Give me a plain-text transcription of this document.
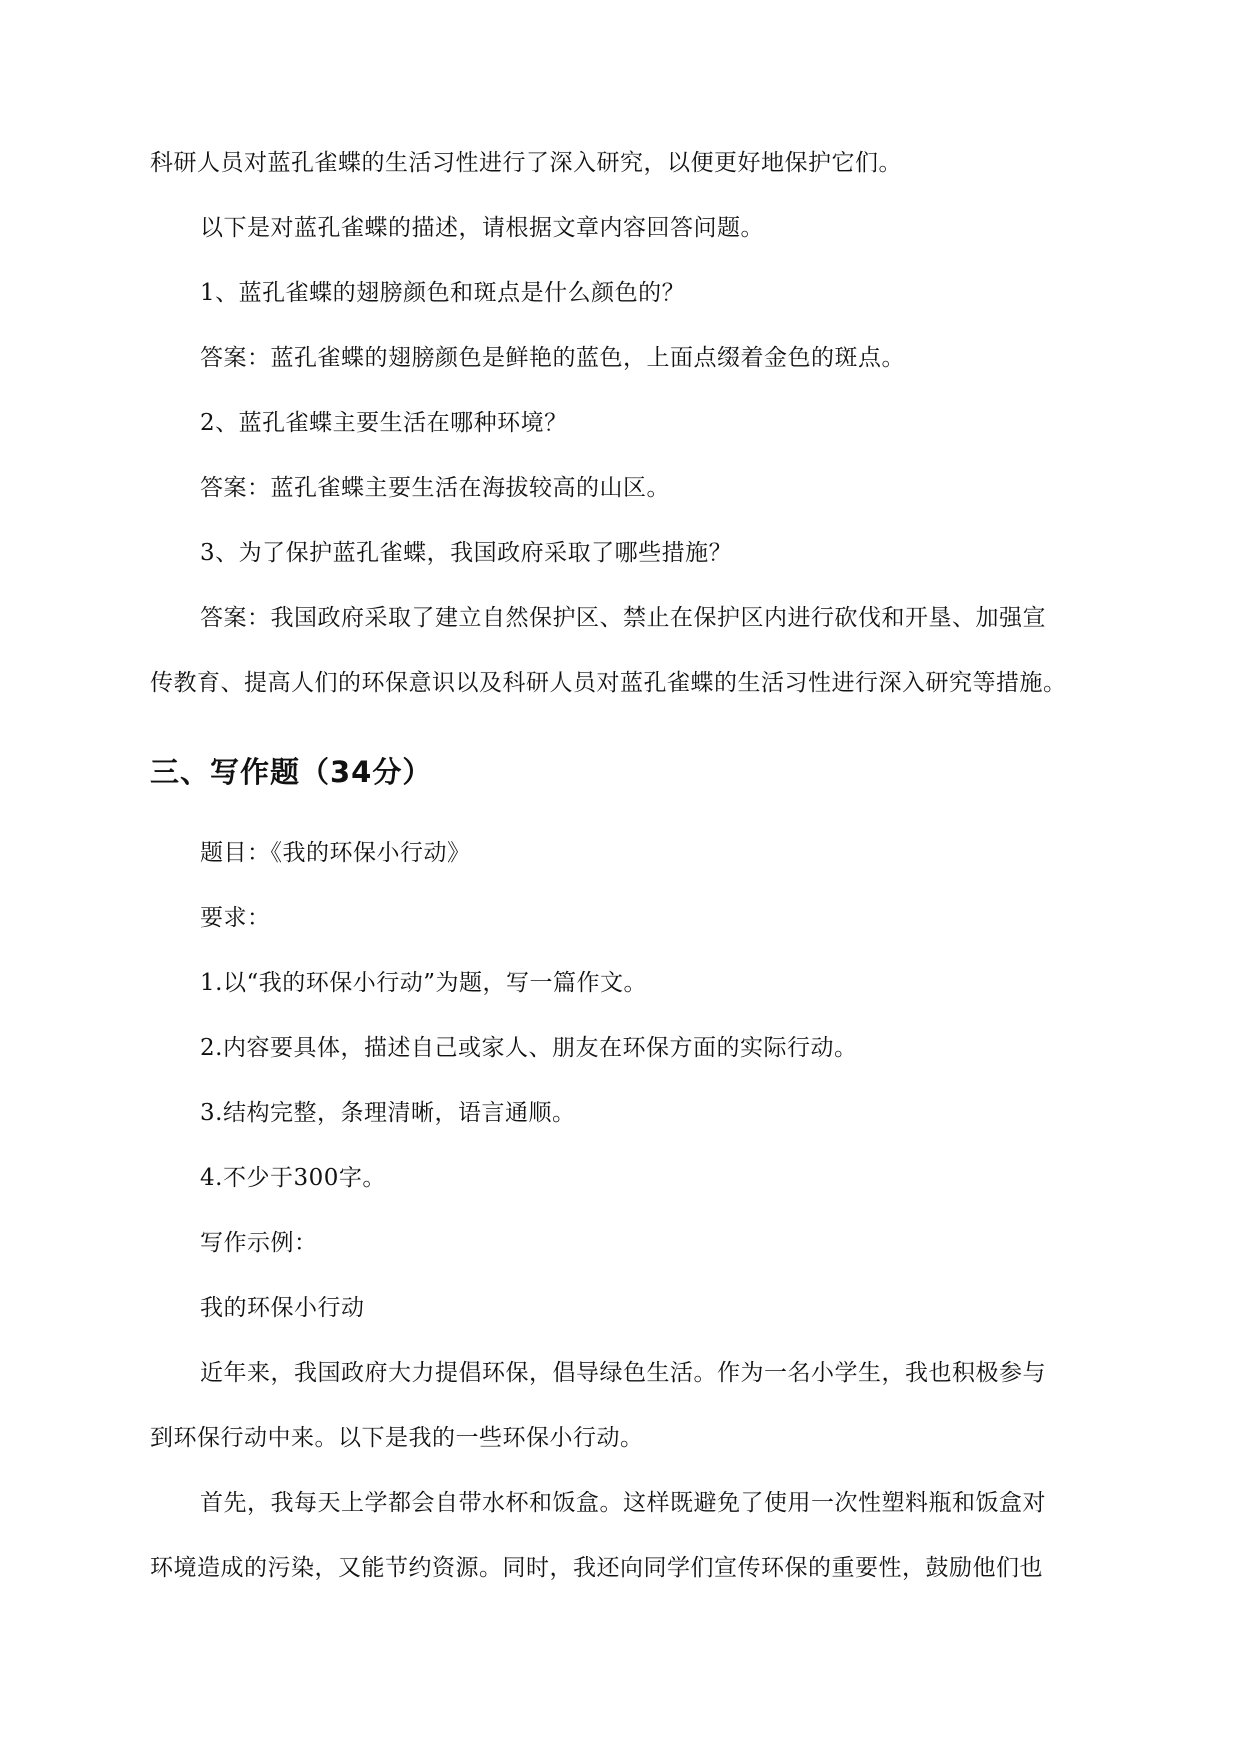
科研人员对蓝孔雀蝶的生活习性进行了深入研究，以便更好地保护它们。
以下是对蓝孔雀蝶的描述，请根据文章内容回答问题。
1、蓝孔雀蝶的翅膀颜色和斑点是什么颜色的？
答案：蓝孔雀蝶的翅膀颜色是鲜艳的蓝色，上面点缀着金色的斑点。
2、蓝孔雀蝶主要生活在哪种环境？
答案：蓝孔雀蝶主要生活在海拔较高的山区。
3、为了保护蓝孔雀蝶，我国政府采取了哪些措施？
答案：我国政府采取了建立自然保护区、禁止在保护区内进行砍伐和开垦、加强宣
传教育、提高人们的环保意识以及科研人员对蓝孔雀蝶的生活习性进行深入研究等措施。
三、写作题（34分）
题目：《我的环保小行动》
要求：
1.以“我的环保小行动”为题，写一篇作文。
2.内容要具体，描述自己或家人、朋友在环保方面的实际行动。
3.结构完整，条理清晰，语言通顺。
4.不少于300字。
写作示例：
我的环保小行动
近年来，我国政府大力提倡环保，倡导绿色生活。作为一名小学生，我也积极参与
到环保行动中来。以下是我的一些环保小行动。
首先，我每天上学都会自带水杯和饭盒。这样既避免了使用一次性塑料瓶和饭盒对
环境造成的污染，又能节约资源。同时，我还向同学们宣传环保的重要性，鼓励他们也
